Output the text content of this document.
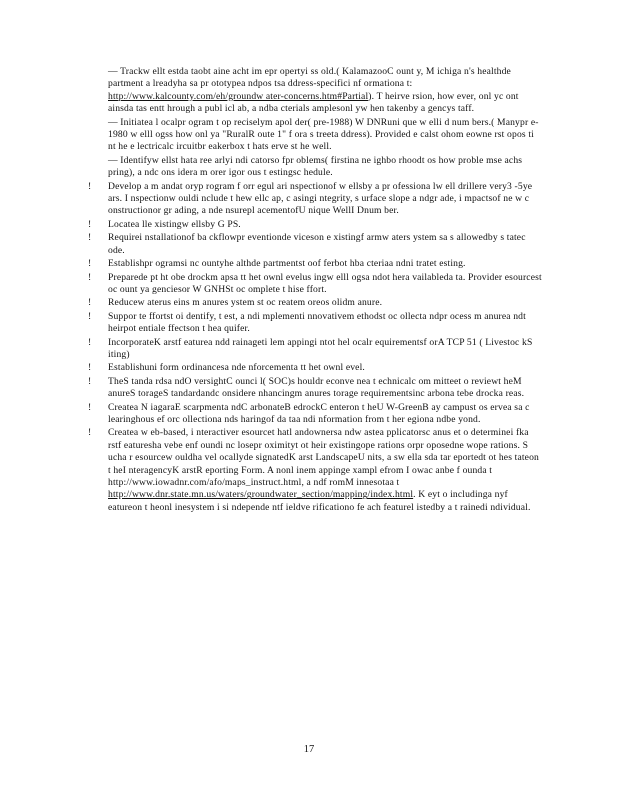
— Trackw ellt estda taobt aine acht im epr opertyi ss old.( KalamazooC ount y, M ichiga n's healthde partment a lreadyha sa pr ototypea ndpos tsa ddress-specifici nf ormationa t: http://www.kalcounty.com/eh/groundw ater-concerns.htm#Partial). T heirve rsion, how ever, onl yc ont ainsda tas entt hrough a publ icl ab, a ndba cterials amplesonl yw hen takenby a gencys taff.
— Initiatea l ocalpr ogram t op reciselym apol der( pre-1988) W DNRuni que w elli d num bers.( Manypr e-1980 w elll ogss how onl ya "RuralR oute 1" f ora s treeta ddress). Provided e calst ohom eowne rst opos ti nt he e lectricalc ircuitbr eakerbox t hats erve st he well.
— Identifyw ellst hata ree arlyi ndi catorso fpr oblems( firstina ne ighbo rhoodt os how proble mse achs pring), a ndc ons idera m orer igor ous t estingsc hedule.
!	Develop a m andat oryp rogram f orr egul ari nspectionof w ellsby a pr ofessiona lw ell drillere very3 -5ye ars. I nspectionw ouldi nclude t hew ellc ap, c asingi ntegrity, s urface slope a ndgr ade, i mpactsof ne w c onstructionor gr ading, a nde nsurepl acementofU nique WellI Dnum ber.
!	Locatea lle xistingw ellsby G PS.
!	Requirei nstallationof ba ckflowpr eventionde viceson e xistingf armw aters ystem sa s allowedby s tatec ode.
!	Establishpr ogramsi nc ountyhe althde partmentst oof ferbot hba cteriaa ndni tratet esting.
!	Preparede pt ht obe drockm apsa tt het ownl evelus ingw elll ogsa ndot hera vailableda ta. Provider esourcest oc ount ya genciesor W GNHSt oc omplete t hise ffort.
!	Reducew aterus eins m anures ystem st oc reatem oreos olidm anure.
!	Suppor te ffortst oi dentify, t est, a ndi mplementi nnovativem ethodst oc ollecta ndpr ocess m anurea ndt heirpot entiale ffectson t hea quifer.
!	IncorporateK arstf eaturea ndd rainageti lem appingi ntot hel ocalr equirementsf orA TCP 51 ( Livestoc kS iting)
!	Establishuni form ordinancesa nde nforcementa tt het ownl evel.
!	TheS tanda rdsa ndO versightC ounci l( SOC)s houldr econve nea t echnicalc om mitteet o reviewt heM anureS torageS tandardandc onsidere nhancingm anures torage requirementsinc arbona tebe drocka reas.
!	Createa N iagaraE scarpmenta ndC arbonateB edrockC enteron t heU W-GreenB ay campust os ervea sa c learinghous ef orc ollectiona nds haringof da taa ndi nformation from t her egiona ndbe yond.
!	Createa w eb-based, i nteractiver esourcet hatl andownersa ndw astea pplicatorsc anus et o determinei fka rstf eaturesha vebe enf oundi nc losepr oximityt ot heir existingope rations orpr oposedne wope rations. S ucha r esourcew ouldha vel ocallyde signatedK arst LandscapeU nits, a sw ella sda tar eportedt ot hes tateon t heI nteragencyK arstR eporting Form. A nonl inem appinge xampl efrom I owac anbe f ounda t http://www.iowadnr.com/afo/maps_instruct.html, a ndf romM innesotaa t http://www.dnr.state.mn.us/waters/groundwater_section/mapping/index.html. K eyt o includinga nyf eatureon t heonl inesystem i si ndepende ntf ieldve rificationo fe ach featurel istedby a t rainedi ndividual.
17
